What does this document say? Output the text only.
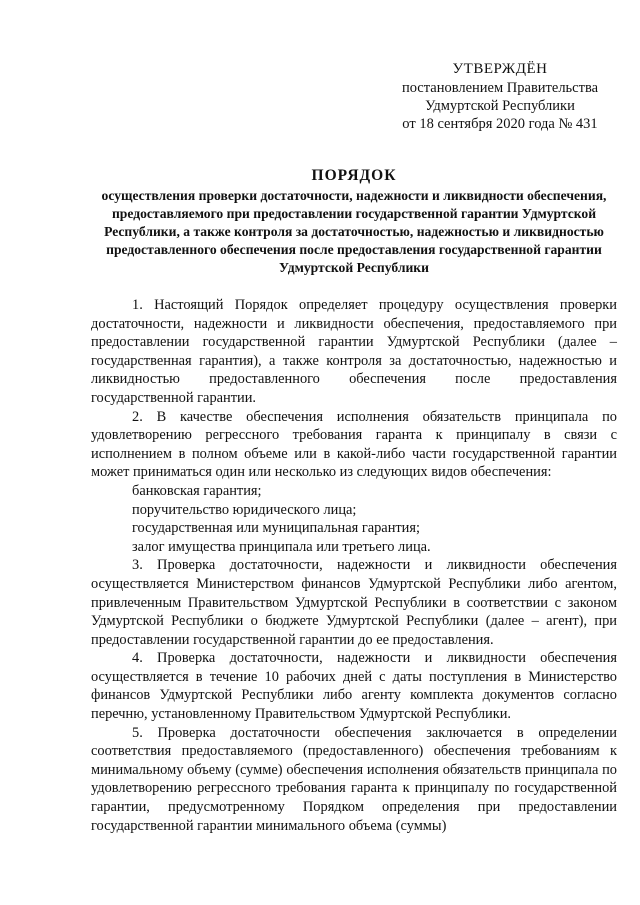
УТВЕРЖДЁН
постановлением Правительства
Удмуртской Республики
от 18 сентября 2020 года № 431
ПОРЯДОК
осуществления проверки достаточности, надежности и ликвидности обеспечения, предоставляемого при предоставлении государственной гарантии Удмуртской Республики, а также контроля за достаточностью, надежностью и ликвидностью предоставленного обеспечения после предоставления государственной гарантии Удмуртской Республики

1. Настоящий Порядок определяет процедуру осуществления проверки достаточности, надежности и ликвидности обеспечения, предоставляемого при предоставлении государственной гарантии Удмуртской Республики (далее – государственная гарантия), а также контроля за достаточностью, надежностью и ликвидностью предоставленного обеспечения после предоставления государственной гарантии.

2. В качестве обеспечения исполнения обязательств принципала по удовлетворению регрессного требования гаранта к принципалу в связи с исполнением в полном объеме или в какой-либо части государственной гарантии может приниматься один или несколько из следующих видов обеспечения:

банковская гарантия;

поручительство юридического лица;

государственная или муниципальная гарантия;

залог имущества принципала или третьего лица.

3. Проверка достаточности, надежности и ликвидности обеспечения осуществляется Министерством финансов Удмуртской Республики либо агентом, привлеченным Правительством Удмуртской Республики в соответствии с законом Удмуртской Республики о бюджете Удмуртской Республики (далее – агент), при предоставлении государственной гарантии до ее предоставления.

4. Проверка достаточности, надежности и ликвидности обеспечения осуществляется в течение 10 рабочих дней с даты поступления в Министерство финансов Удмуртской Республики либо агенту комплекта документов согласно перечню, установленному Правительством Удмуртской Республики.

5. Проверка достаточности обеспечения заключается в определении соответствия предоставляемого (предоставленного) обеспечения требованиям к минимальному объему (сумме) обеспечения исполнения обязательств принципала по удовлетворению регрессного требования гаранта к принципалу по государственной гарантии, предусмотренному Порядком определения при предоставлении государственной гарантии минимального объема (суммы)
